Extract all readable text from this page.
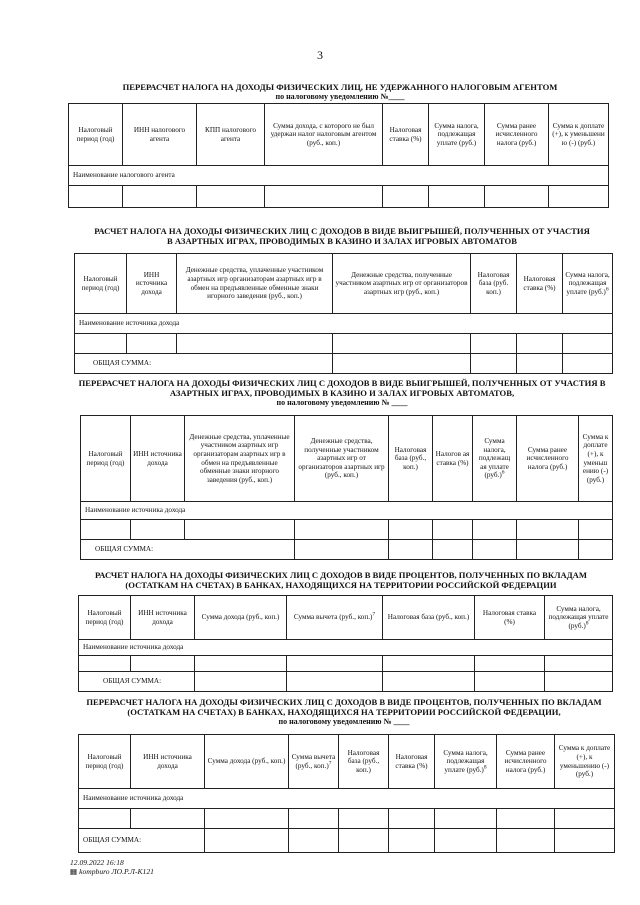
3
ПЕРЕРАСЧЕТ НАЛОГА НА ДОХОДЫ ФИЗИЧЕСКИХ ЛИЦ, НЕ УДЕРЖАННОГО НАЛОГОВЫМ АГЕНТОМ
по налоговому уведомлению №____
Налоговый период (год)	ИНН налогового агента	КПП налогового агента	Сумма дохода, с которого не был удержан налог налоговым агентом (руб., коп.)	Налоговая ставка (%)	Сумма налога, подлежащая уплате (руб.)	Сумма ранее исчисленного налога (руб.)	Сумма к доплате (+), к уменьшени ю (-) (руб.)
Наименование налогового агента							

РАСЧЕТ НАЛОГА НА ДОХОДЫ ФИЗИЧЕСКИХ ЛИЦ С ДОХОДОВ В ВИДЕ ВЫИГРЫШЕЙ, ПОЛУЧЕННЫХ ОТ УЧАСТИЯ В АЗАРТНЫХ ИГРАХ, ПРОВОДИМЫХ В КАЗИНО И ЗАЛАХ ИГРОВЫХ АВТОМАТОВ
Налоговый период (год)	ИНН источника дохода	Денежные средства, уплаченные участником азартных игр организаторам азартных игр в обмен на предъявленные обменные знаки игорного заведения (руб., коп.)	Денежные средства, полученные участником азартных игр от организаторов азартных игр (руб., коп.)	Налоговая база (руб. коп.)	Налоговая ставка (%)	Сумма налога, подлежащая уплате $(руб.)^6$
Наименование источника дохода						

ОБЩАЯ СУММА:						
ПЕРЕРАСЧЕТ НАЛОГА НА ДОХОДЫ ФИЗИЧЕСКИХ ЛИЦ С ДОХОДОВ В ВИДЕ ВЫИГРЫШЕЙ, ПОЛУЧЕННЫХ ОТ УЧАСТИЯ В АЗАРТНЫХ ИГРАХ, ПРОВОДИМЫХ В КАЗИНО И ЗАЛАХ ИГРОВЫХ АВТОМАТОВ,
по налоговому уведомлению № ____
Налоговый период (год)	ИНН источника дохода	Денежные средства, уплаченные участником азартных игр организаторам азартных игр в обмен на предъявленные обменные знаки игорного заведения (руб., коп.)	Денежные средства, полученные участником азартных игр от организаторов азартных игр (руб., коп.)	Налоговая база (руб., коп.)	Налогов ая ставка (%)	Сумма налога, подлежащ ая уплате $(руб.)^6$	Сумма ранее исчисленного налога (руб.)	Сумма к доплате (+), к уменьш ению (-) (руб.)
Наименование источника дохода								

ОБЩАЯ СУММА:								
РАСЧЕТ НАЛОГА НА ДОХОДЫ ФИЗИЧЕСКИХ ЛИЦ С ДОХОДОВ В ВИДЕ ПРОЦЕНТОВ, ПОЛУЧЕННЫХ ПО ВКЛАДАМ (ОСТАТКАМ НА СЧЕТАХ) В БАНКАХ, НАХОДЯЩИХСЯ НА ТЕРРИТОРИИ РОССИЙСКОЙ ФЕДЕРАЦИИ
Налоговый период (год)	ИНН источника дохода	Сумма дохода (руб., коп.)	Сумма вычета (руб., коп.)$^7$	Налоговая база (руб., коп.)	Налоговая ставка (%)	Сумма налога, подлежащая уплате $(руб.)^8$
Наименование источника дохода						

ОБЩАЯ СУММА:						
ПЕРЕРАСЧЕТ НАЛОГА НА ДОХОДЫ ФИЗИЧЕСКИХ ЛИЦ С ДОХОДОВ В ВИДЕ ПРОЦЕНТОВ, ПОЛУЧЕННЫХ ПО ВКЛАДАМ (ОСТАТКАМ НА СЧЕТАХ) В БАНКАХ, НАХОДЯЩИХСЯ НА ТЕРРИТОРИИ РОССИЙСКОЙ ФЕДЕРАЦИИ,
по налоговому уведомлению № ____
Налоговый период (год)	ИНН источника дохода	Сумма дохода (руб., коп.)	Сумма вычета (руб., коп.)$^7$	Налоговая база (руб., коп.)	Налоговая ставка (%)	Сумма налога, подлежащая уплате $(руб.)^8$	Сумма ранее исчисленного налога (руб.)	Сумма к доплате (+), к уменьшению (-) (руб.)
Наименование источника дохода								

ОБЩАЯ СУММА:								
12.09.2022 16:18
▦ kompburo ЛО.Р.Л-К121
